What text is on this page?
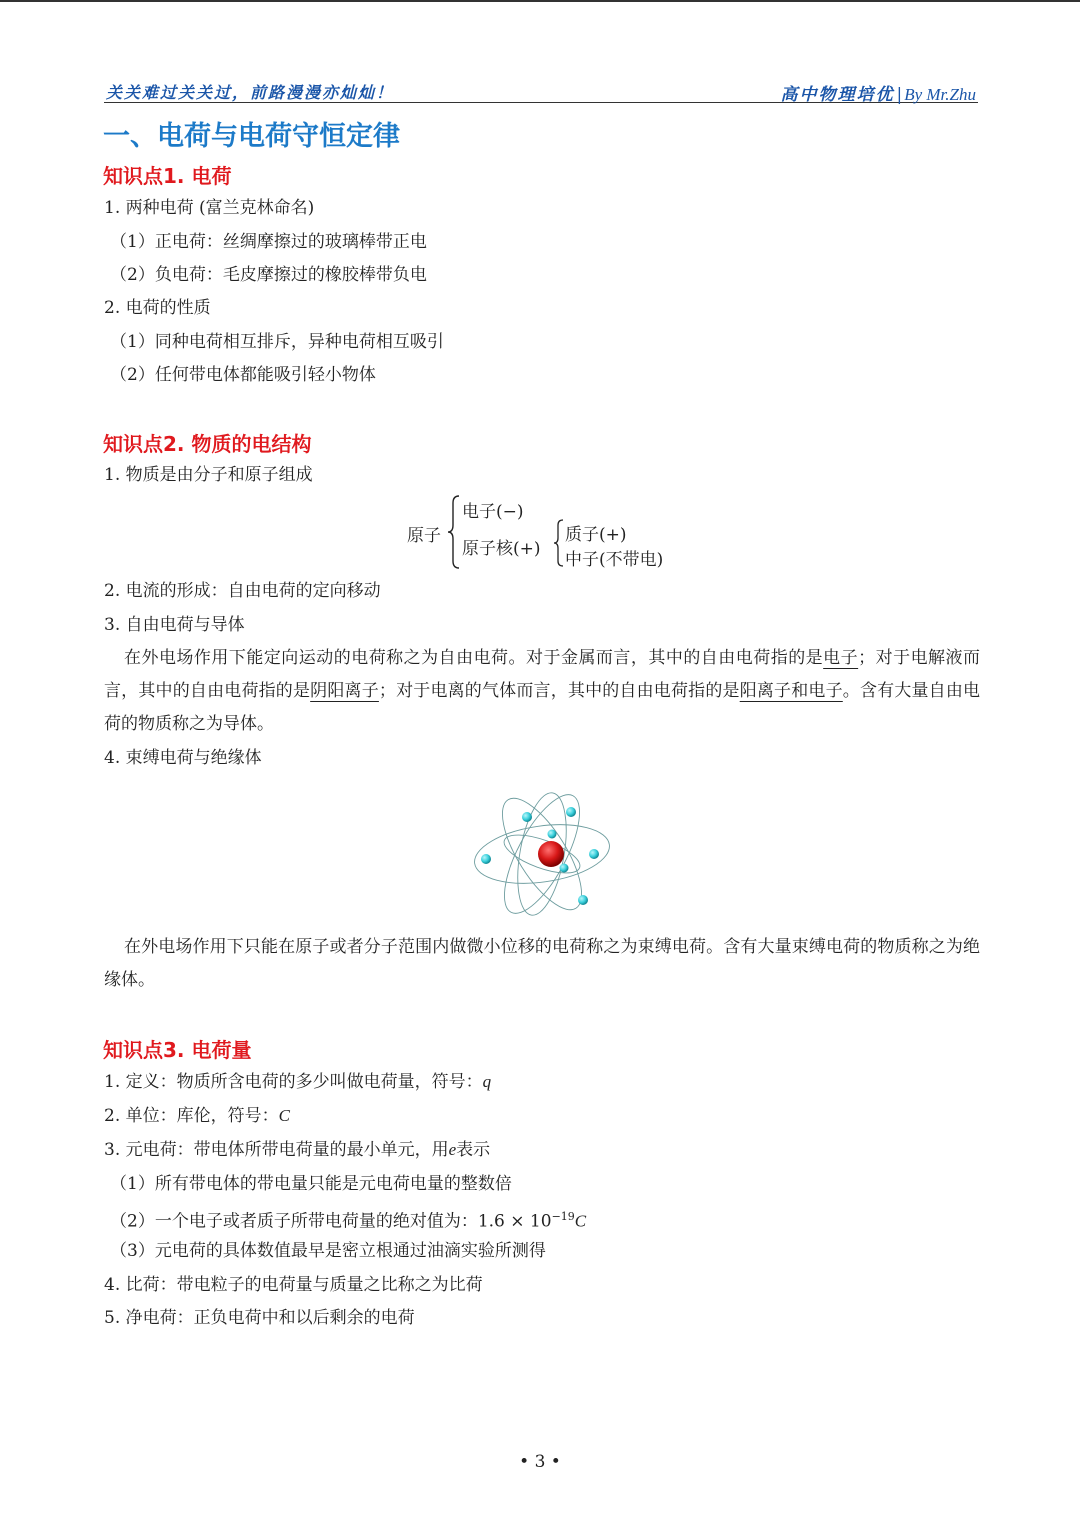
关关难过关关过，前路漫漫亦灿灿！	高中物理培优 | By Mr.Zhu
一、电荷与电荷守恒定律
知识点1. 电荷
1. 两种电荷 (富兰克林命名)
（1）正电荷：丝绸摩擦过的玻璃棒带正电
（2）负电荷：毛皮摩擦过的橡胶棒带负电
2. 电荷的性质
（1）同种电荷相互排斥，异种电荷相互吸引
（2）任何带电体都能吸引轻小物体
知识点2. 物质的电结构
1. 物质是由分子和原子组成
原子
电子(−)
原子核(+)
质子(+)
中子(不带电)
2. 电流的形成：自由电荷的定向移动
3. 自由电荷与导体
在外电场作用下能定向运动的电荷称之为自由电荷。对于金属而言，其中的自由电荷指的是电子；对于电解液而言，其中的自由电荷指的是阴阳离子；对于电离的气体而言，其中的自由电荷指的是阳离子和电子。含有大量自由电荷的物质称之为导体。
4. 束缚电荷与绝缘体
在外电场作用下只能在原子或者分子范围内做微小位移的电荷称之为束缚电荷。含有大量束缚电荷的物质称之为绝缘体。
知识点3. 电荷量
1. 定义：物质所含电荷的多少叫做电荷量，符号：q
2. 单位：库伦，符号：C
3. 元电荷：带电体所带电荷量的最小单元，用e表示
（1）所有带电体的带电量只能是元电荷电量的整数倍
（2）一个电子或者质子所带电荷量的绝对值为：$1.6 \times 10^{-19}C$
（3）元电荷的具体数值最早是密立根通过油滴实验所测得
4. 比荷：带电粒子的电荷量与质量之比称之为比荷
5. 净电荷：正负电荷中和以后剩余的电荷
• 3 •
